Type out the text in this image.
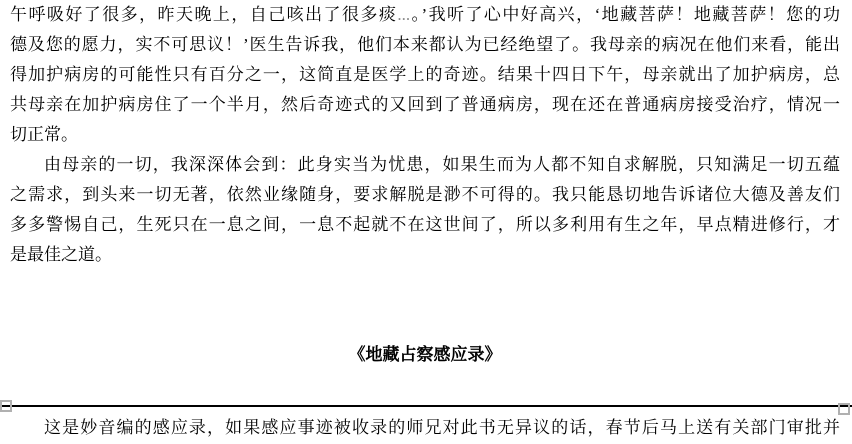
午呼吸好了很多，昨天晚上，自己咳出了很多痰...。’我听了心中好高兴，‘地藏菩萨！地藏菩萨！您的功
德及您的愿力，实不可思议！’医生告诉我，他们本来都认为已经绝望了。我母亲的病况在他们来看，能出
得加护病房的可能性只有百分之一，这简直是医学上的奇迹。结果十四日下午，母亲就出了加护病房，总
共母亲在加护病房住了一个半月，然后奇迹式的又回到了普通病房，现在还在普通病房接受治疗，情况一
切正常。
由母亲的一切，我深深体会到：此身实当为忧患，如果生而为人都不知自求解脱，只知满足一切五蕴
之需求，到头来一切无著，依然业缘随身，要求解脱是渺不可得的。我只能恳切地告诉诸位大德及善友们
多多警惕自己，生死只在一息之间，一息不起就不在这世间了，所以多利用有生之年，早点精进修行，才
是最佳之道。
《地藏占察感应录》
这是妙音编的感应录，如果感应事迹被收录的师兄对此书无异议的话，春节后马上送有关部门审批并
